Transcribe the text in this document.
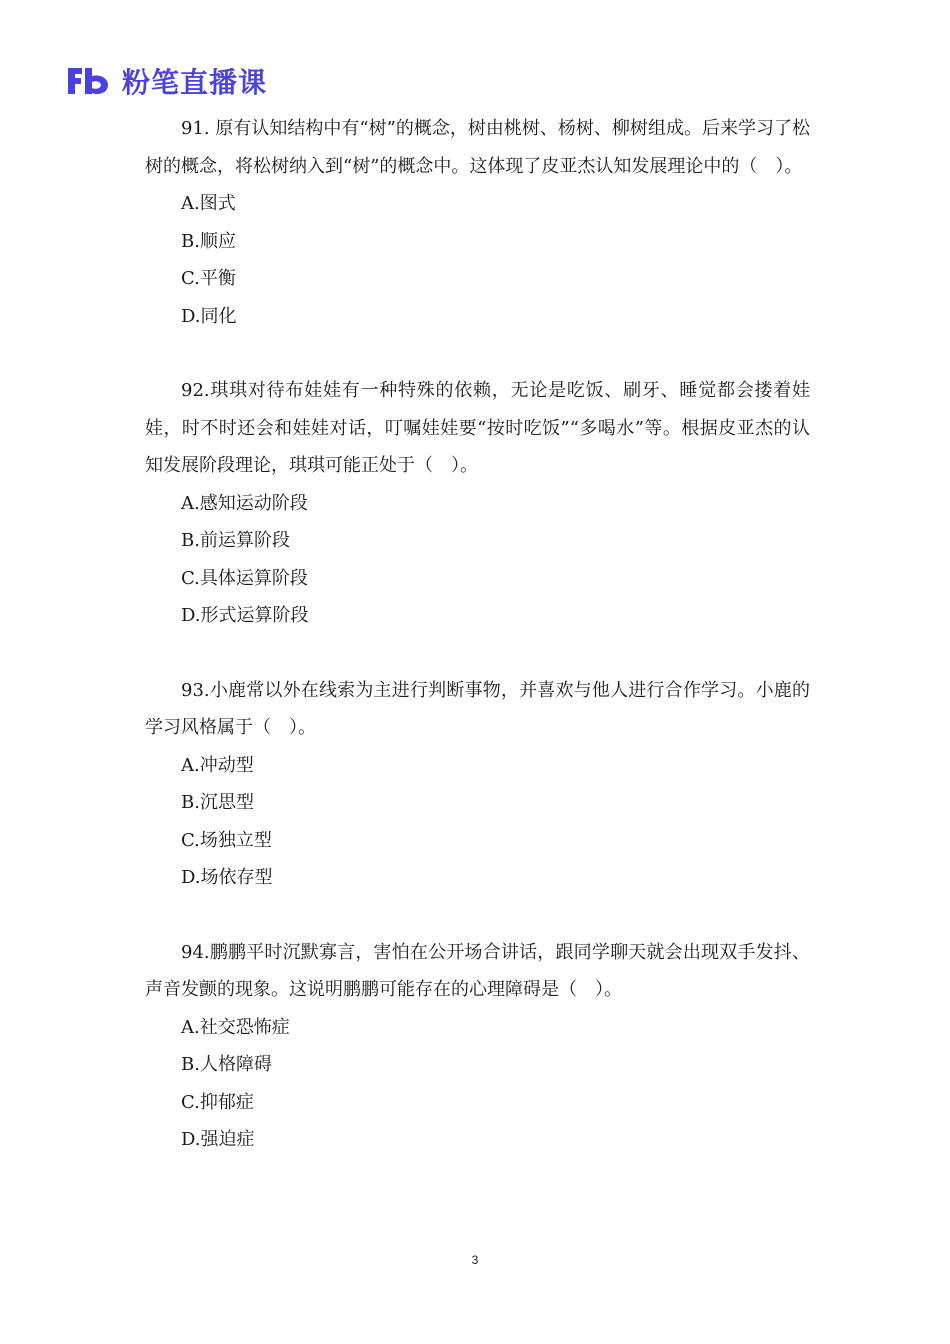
粉笔直播课

91. 原有认知结构中有“树”的概念，树由桃树、杨树、柳树组成。后来学习了松树的概念，将松树纳入到“树”的概念中。这体现了皮亚杰认知发展理论中的（　）。

A.图式

B.顺应

C.平衡

D.同化

92.琪琪对待布娃娃有一种特殊的依赖，无论是吃饭、刷牙、睡觉都会搂着娃娃，时不时还会和娃娃对话，叮嘱娃娃要“按时吃饭”“多喝水”等。根据皮亚杰的认知发展阶段理论，琪琪可能正处于（　）。

A.感知运动阶段

B.前运算阶段

C.具体运算阶段

D.形式运算阶段

93.小鹿常以外在线索为主进行判断事物，并喜欢与他人进行合作学习。小鹿的学习风格属于（　）。

A.冲动型

B.沉思型

C.场独立型

D.场依存型

94.鹏鹏平时沉默寡言，害怕在公开场合讲话，跟同学聊天就会出现双手发抖、声音发颤的现象。这说明鹏鹏可能存在的心理障碍是（　）。

A.社交恐怖症

B.人格障碍

C.抑郁症

D.强迫症

3
